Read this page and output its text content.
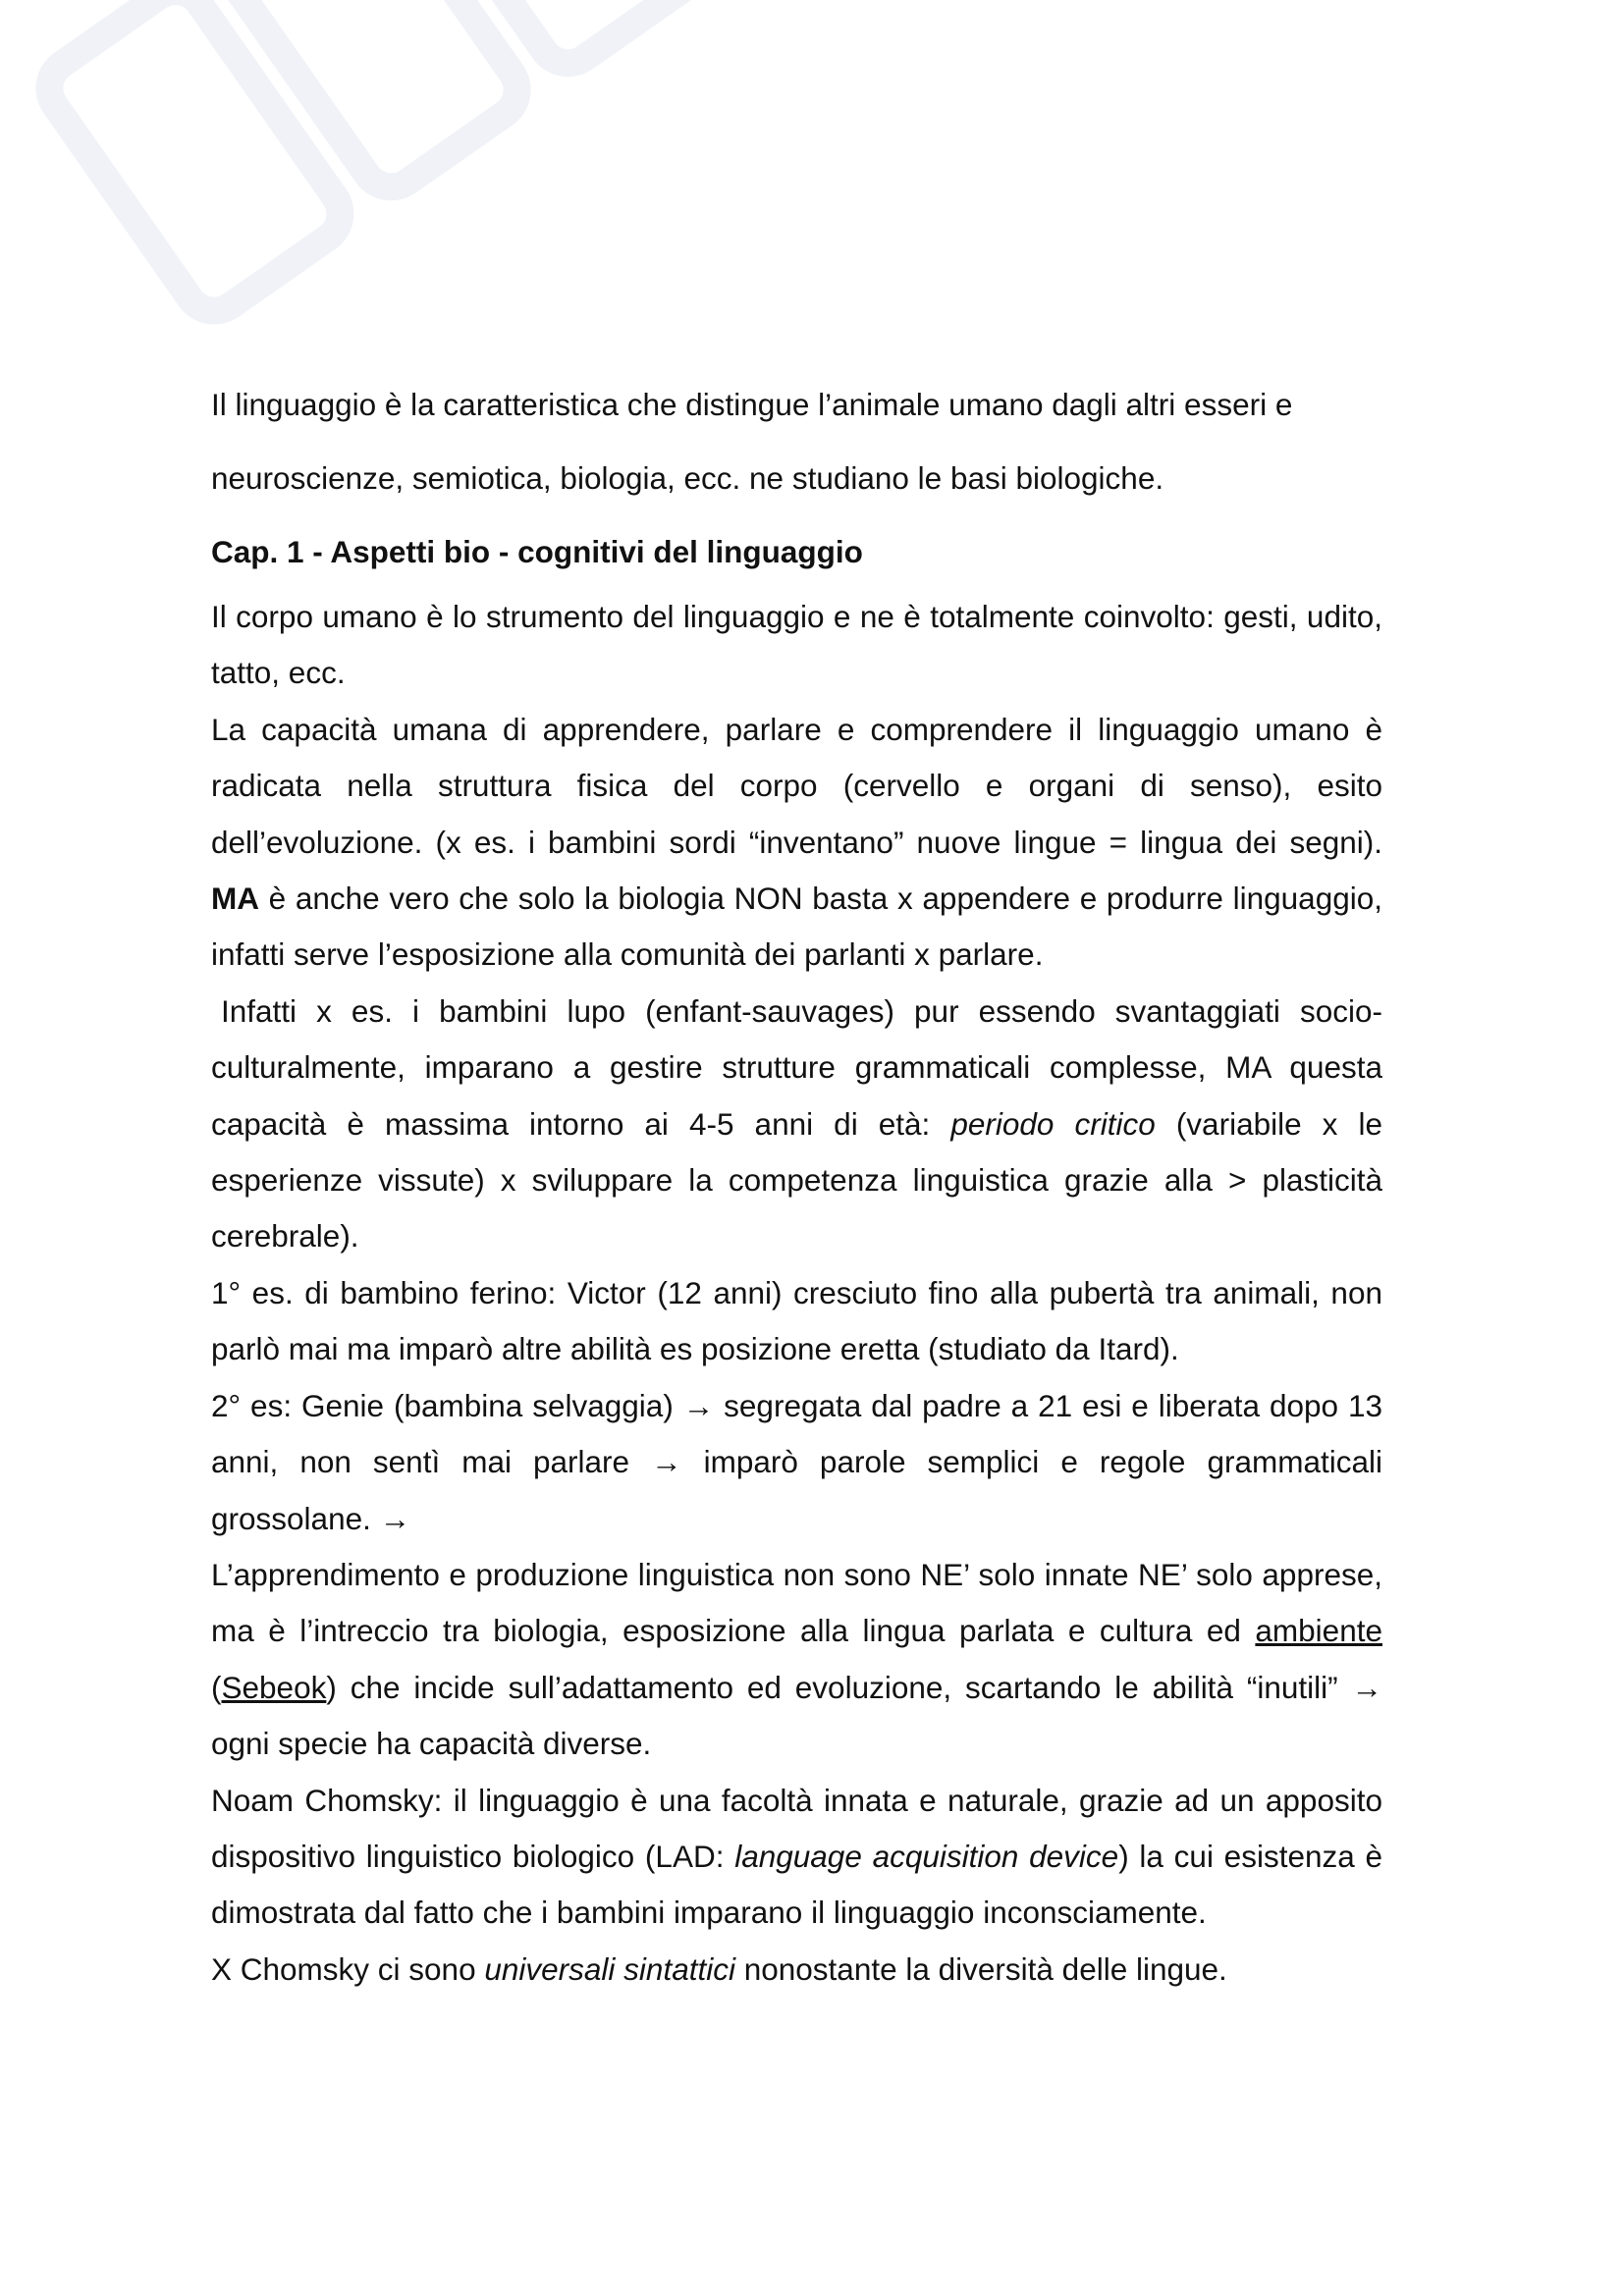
Il linguaggio è la caratteristica che distingue l’animale umano dagli altri esseri e

neuroscienze, semiotica, biologia, ecc. ne studiano le basi biologiche.

Cap. 1 - Aspetti bio - cognitivi del linguaggio

Il corpo umano è lo strumento del linguaggio e ne è totalmente coinvolto: gesti, udito, tatto, ecc.

La capacità umana di apprendere, parlare e comprendere il linguaggio umano è radicata nella struttura fisica del corpo (cervello e organi di senso), esito dell’evoluzione. (x es. i bambini sordi “inventano” nuove lingue = lingua dei segni). MA è anche vero che solo la biologia NON basta x appendere e produrre linguaggio, infatti serve l’esposizione alla comunità dei parlanti x parlare.

Infatti x es. i bambini lupo (enfant-sauvages) pur essendo svantaggiati socio-culturalmente, imparano a gestire strutture grammaticali complesse, MA questa capacità è massima intorno ai 4-5 anni di età: periodo critico (variabile x le esperienze vissute) x sviluppare la competenza linguistica grazie alla > plasticità cerebrale).

1° es. di bambino ferino: Victor (12 anni) cresciuto fino alla pubertà tra animali, non parlò mai ma imparò altre abilità es posizione eretta (studiato da Itard).

2° es: Genie (bambina selvaggia) → segregata dal padre a 21 esi e liberata dopo 13 anni, non sentì mai parlare → imparò parole semplici e regole grammaticali grossolane. →

L’apprendimento e produzione linguistica non sono NE’ solo innate NE’ solo apprese, ma è l’intreccio tra biologia, esposizione alla lingua parlata e cultura ed ambiente (Sebeok) che incide sull’adattamento ed evoluzione, scartando le abilità “inutili” → ogni specie ha capacità diverse.

Noam Chomsky: il linguaggio è una facoltà innata e naturale, grazie ad un apposito dispositivo linguistico biologico (LAD: language acquisition device) la cui esistenza è dimostrata dal fatto che i bambini imparano il linguaggio inconsciamente.

X Chomsky ci sono universali sintattici nonostante la diversità delle lingue.
